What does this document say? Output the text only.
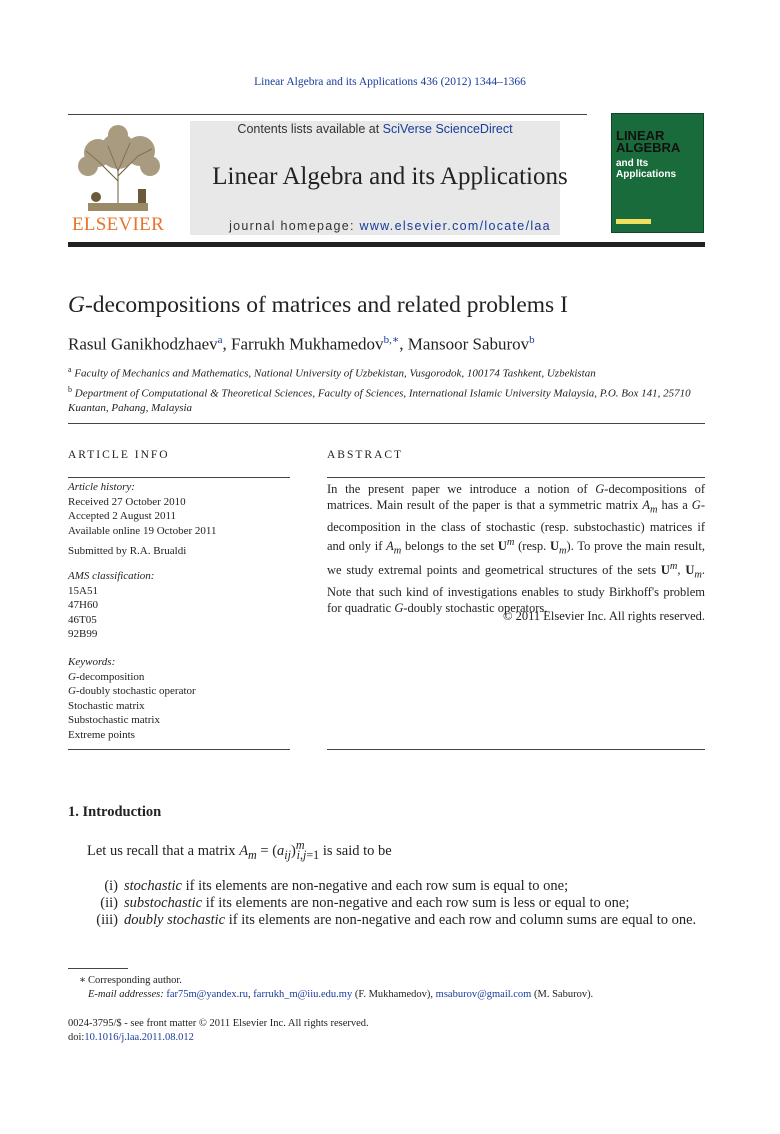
Linear Algebra and its Applications 436 (2012) 1344–1366
ELSEVIER
Contents lists available at SciVerse ScienceDirect
Linear Algebra and its Applications
journal homepage: www.elsevier.com/locate/laa
LINEAR
ALGEBRA
and Its
Applications
G-decompositions of matrices and related problems I
Rasul Ganikhodzhaev$^a$, Farrukh Mukhamedov$^{b,∗}$, Mansoor Saburov$^b$
$^a$ Faculty of Mechanics and Mathematics, National University of Uzbekistan, Vusgorodok, 100174 Tashkent, Uzbekistan
$^b$ Department of Computational & Theoretical Sciences, Faculty of Sciences, International Islamic University Malaysia, P.O. Box 141, 25710 Kuantan, Pahang, Malaysia
ARTICLE INFO	ABSTRACT
Article history:
Received 27 October 2010
Accepted 2 August 2011
Available online 19 October 2011
Submitted by R.A. Brualdi
AMS classification:
15A51
47H60
46T05
92B99
Keywords:
G-decomposition
G-doubly stochastic operator
Stochastic matrix
Substochastic matrix
Extreme points
In the present paper we introduce a notion of G-decompositions of matrices. Main result of the paper is that a symmetric matrix $A_m$ has a G-decomposition in the class of stochastic (resp. substochastic) matrices if and only if $A_m$ belongs to the set $U^m$ (resp. $U_m$). To prove the main result, we study extremal points and geometrical structures of the sets $U^m$, $U_m$. Note that such kind of investigations enables to study Birkhoff's problem for quadratic G-doubly stochastic operators.
© 2011 Elsevier Inc. All rights reserved.
1. Introduction
Let us recall that a matrix $A_m = (a_{ij})^m_{i,j=1}$ is said to be
(i) stochastic if its elements are non-negative and each row sum is equal to one;
(ii) substochastic if its elements are non-negative and each row sum is less or equal to one;
(iii) doubly stochastic if its elements are non-negative and each row and column sums are equal to one.
∗ Corresponding author.
E-mail addresses: far75m@yandex.ru, farrukh_m@iiu.edu.my (F. Mukhamedov), msaburov@gmail.com (M. Saburov).
0024-3795/$ - see front matter © 2011 Elsevier Inc. All rights reserved.
doi:10.1016/j.laa.2011.08.012
